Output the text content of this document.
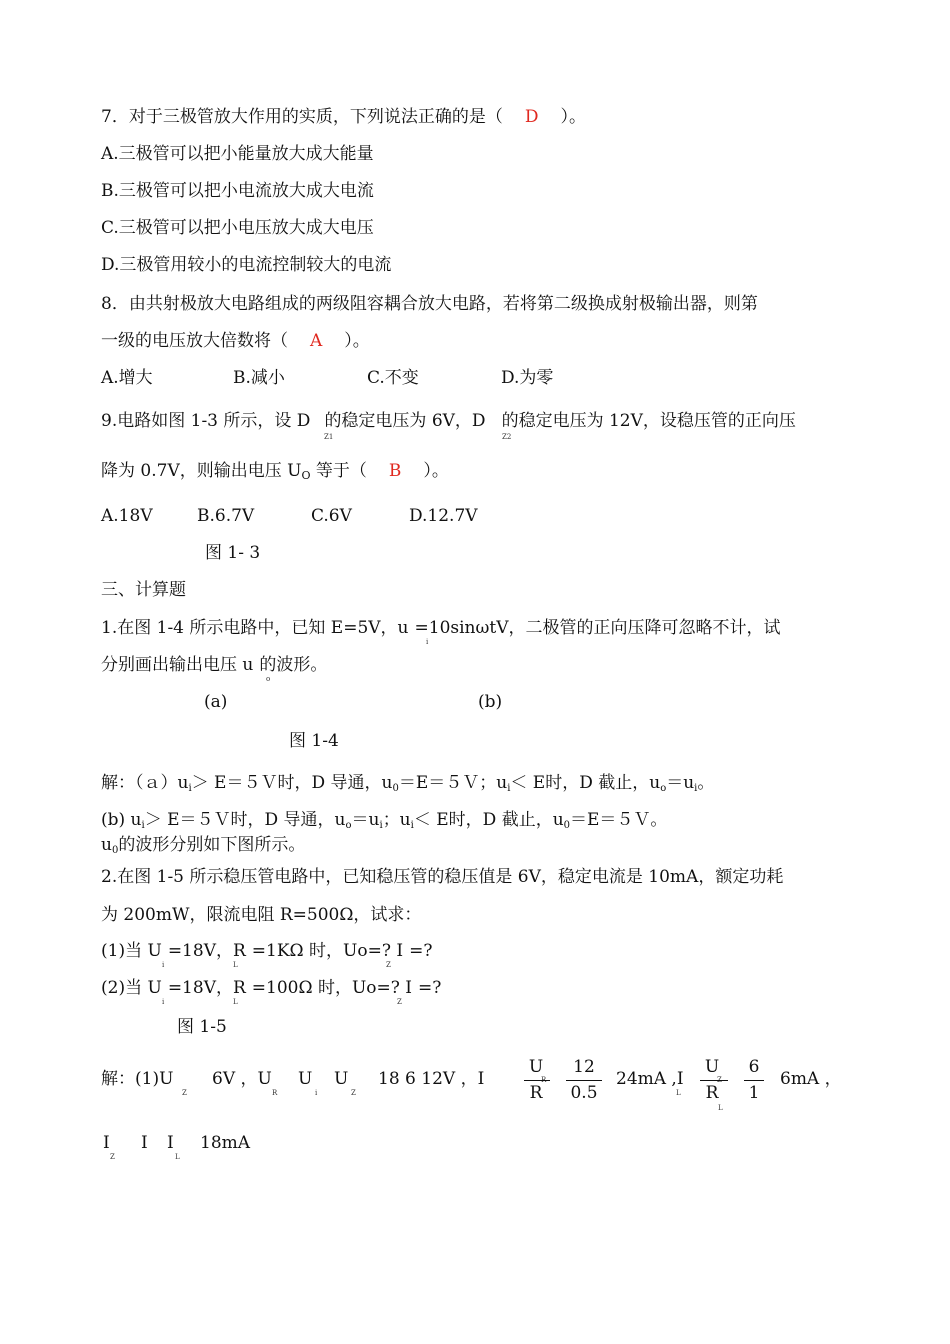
7．对于三极管放大作用的实质，下列说法正确的是（ D ）。
A.三极管可以把小能量放大成大能量
B.三极管可以把小电流放大成大电流
C.三极管可以把小电压放大成大电压
D.三极管用较小的电流控制较大的电流
8．由共射极放大电路组成的两级阻容耦合放大电路，若将第二级换成射极输出器，则第
一级的电压放大倍数将（ A ）。
A.增大	B.减小	C.不变	D.为零
9.电路如图 1-3 所示，设 D 的稳定电压为 6V，D 的稳定电压为 12V，设稳压管的正向压
Z1	Z2
降为 0.7V，则输出电压 UO 等于（ B ）。
A.18V	B.6.7V	C.6V	D.12.7V
图 1- 3
三、计算题
1.在图 1-4 所示电路中，已知 E=5V，u =10sinωtV，二极管的正向压降可忽略不计，试
i
分别画出输出电压 u 的波形。
o
(a)	(b)
图 1-4
解：（ａ）ui＞ E＝５Ｖ时，D 导通，u0＝E＝５Ｖ；ui＜ E时，D 截止，uo＝ui。
(b) ui＞ E＝５Ｖ时，D 导通，uo＝ui；ui＜ E时，D 截止，u0＝E＝５Ｖ。
u0的波形分别如下图所示。
2.在图 1-5 所示稳压管电路中，已知稳压管的稳压值是 6V，稳定电流是 10mA，额定功耗
为 200mW，限流电阻 R=500Ω，试求：
(1)当 U =18V，R =1KΩ 时，Uo=? I =?
i	L	Z
(2)当 U =18V，R =100Ω 时，Uo=? I =?
i	L	Z
图 1-5
解：(1)U
Z
6V ，U
R
U
i
U
Z
18 6 12V ，I
U
R
12
0.5
24mA ,I
L
U
R
L
6
1
6mA ，
I
Z
I I
L
18mA
